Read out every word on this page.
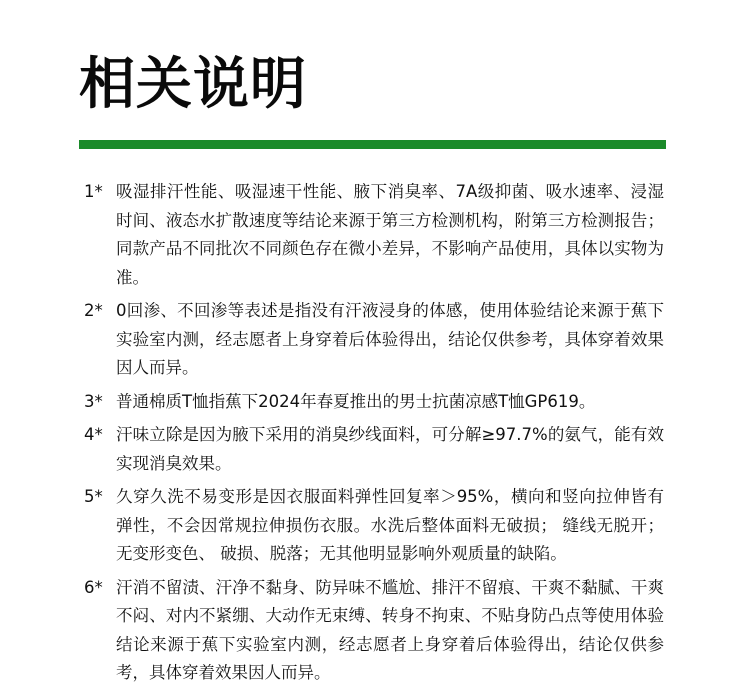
相关说明
1* 吸湿排汗性能、吸湿速干性能、腋下消臭率、7A级抑菌、吸水速率、浸湿时间、液态水扩散速度等结论来源于第三方检测机构，附第三方检测报告；同款产品不同批次不同颜色存在微小差异，不影响产品使用，具体以实物为准。
2* 0回渗、不回渗等表述是指没有汗液浸身的体感，使用体验结论来源于蕉下实验室内测，经志愿者上身穿着后体验得出，结论仅供参考，具体穿着效果因人而异。
3* 普通棉质T恤指蕉下2024年春夏推出的男士抗菌凉感T恤GP619。
4* 汗味立除是因为腋下采用的消臭纱线面料，可分解≥97.7%的氨气，能有效实现消臭效果。
5* 久穿久洗不易变形是因衣服面料弹性回复率＞95%，横向和竖向拉伸皆有弹性，不会因常规拉伸损伤衣服。水洗后整体面料无破损； 缝线无脱开；无变形变色、 破损、脱落；无其他明显影响外观质量的缺陷。
6* 汗消不留渍、汗净不黏身、防异味不尴尬、排汗不留痕、干爽不黏腻、干爽不闷、对内不紧绷、大动作无束缚、转身不拘束、不贴身防凸点等使用体验结论来源于蕉下实验室内测，经志愿者上身穿着后体验得出，结论仅供参考，具体穿着效果因人而异。
